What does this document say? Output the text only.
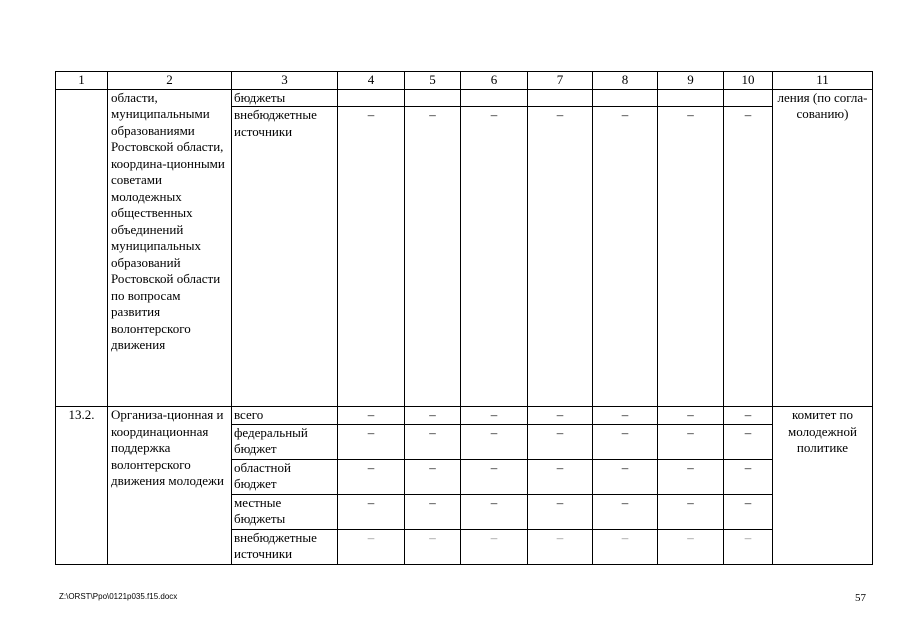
1	2	3	4	5	6	7	8	9	10	11
	области, муниципальными образованиями Ростовской области, координа-ционными советами молодежных общественных объединений муниципальных образований Ростовской области по вопросам развития волонтерского движения	бюджеты								ления (по согла-сованию)
		внебюджетные источники	–	–	–	–	–	–	–	
13.2.	Организа-ционная и координационная поддержка волонтерского движения молодежи	всего	–	–	–	–	–	–	–	комитет по молодежной политике
		федеральный бюджет	–	–	–	–	–	–	–	
		областной бюджет	–	–	–	–	–	–	–	
		местные бюджеты	–	–	–	–	–	–	–	
		внебюджетные источники	–	–	–	–	–	–	–	
Z:\ORST\Ppo\0121p035.f15.docx	57
